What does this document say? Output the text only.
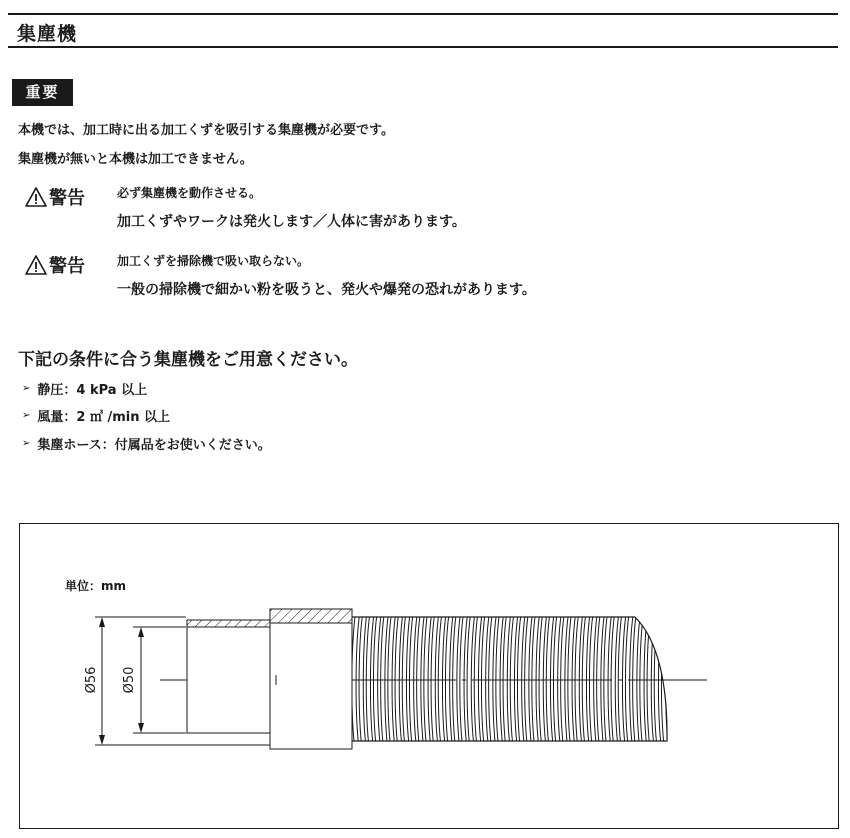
集塵機
重要
本機では、加工時に出る加工くずを吸引する集塵機が必要です。
集塵機が無いと本機は加工できません。
警告	必ず集塵機を動作させる。
加工くずやワークは発火します／人体に害があります。
警告	加工くずを掃除機で吸い取らない。
一般の掃除機で細かい粉を吸うと、発火や爆発の恐れがあります。
下記の条件に合う集塵機をご用意ください。
➢ 静圧：4 kPa 以上
➢ 風量：2 ㎥ /min 以上
➢ 集塵ホース：付属品をお使いください。
単位：mm
Ø56 Ø50
